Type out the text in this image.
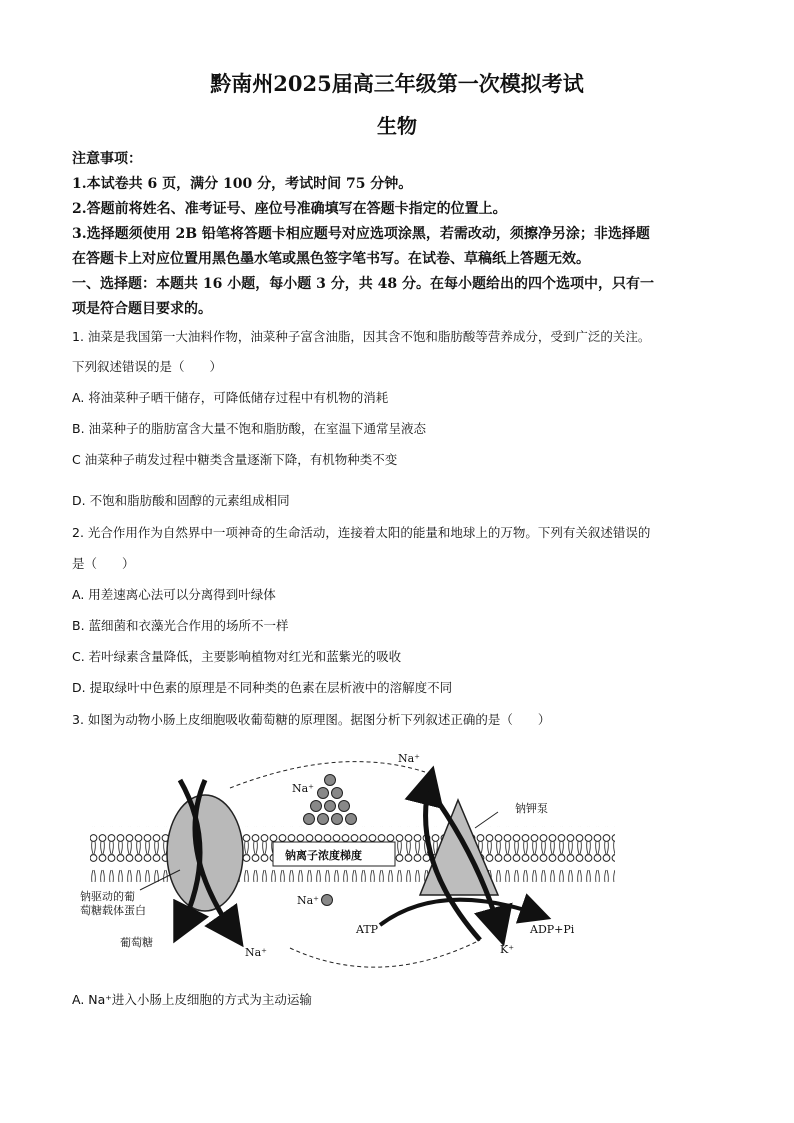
黔南州2025届高三年级第一次模拟考试
生物
注意事项：
1.本试卷共 6 页，满分 100 分，考试时间 75 分钟。
2.答题前将姓名、准考证号、座位号准确填写在答题卡指定的位置上。
3.选择题须使用 2B 铅笔将答题卡相应题号对应选项涂黑，若需改动，须擦净另涂；非选择题
在答题卡上对应位置用黑色墨水笔或黑色签字笔书写。在试卷、草稿纸上答题无效。
一、选择题：本题共 16 小题，每小题 3 分，共 48 分。在每小题给出的四个选项中，只有一
项是符合题目要求的。
1. 油菜是我国第一大油料作物，油菜种子富含油脂，因其含不饱和脂肪酸等营养成分，受到广泛的关注。
下列叙述错误的是（　　）
A. 将油菜种子晒干储存，可降低储存过程中有机物的消耗
B. 油菜种子的脂肪富含大量不饱和脂肪酸，在室温下通常呈液态
C 油菜种子萌发过程中糖类含量逐渐下降，有机物种类不变
D. 不饱和脂肪酸和固醇的元素组成相同
2. 光合作用作为自然界中一项神奇的生命活动，连接着太阳的能量和地球上的万物。下列有关叙述错误的
是（　　）
A. 用差速离心法可以分离得到叶绿体
B. 蓝细菌和衣藻光合作用的场所不一样
C. 若叶绿素含量降低，主要影响植物对红光和蓝紫光的吸收
D. 提取绿叶中色素的原理是不同种类的色素在层析液中的溶解度不同
3. 如图为动物小肠上皮细胞吸收葡萄糖的原理图。据图分析下列叙述正确的是（　　）
Na⁺
Na⁺
钠钾泵
钠离子浓度梯度
钠驱动的葡
萄糖载体蛋白
Na⁺
葡萄糖
Na⁺
ATP
K⁺
ADP+Pi
A. Na⁺进入小肠上皮细胞的方式为主动运输
